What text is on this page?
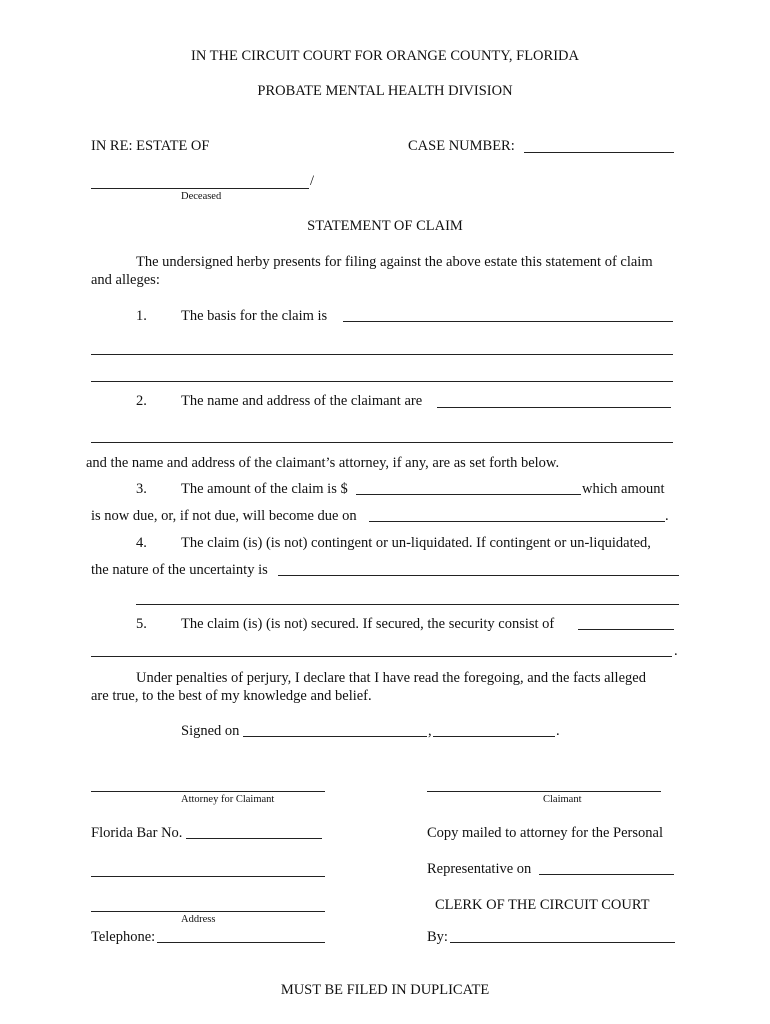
IN THE CIRCUIT COURT FOR ORANGE COUNTY, FLORIDA
PROBATE MENTAL HEALTH DIVISION
IN RE: ESTATE OF	CASE NUMBER:
/
Deceased
STATEMENT OF CLAIM
The undersigned herby presents for filing against the above estate this statement of claim
and alleges:
1. The basis for the claim is
2. The name and address of the claimant are
and the name and address of the claimant’s attorney, if any, are as set forth below.
3. The amount of the claim is $	which amount
is now due, or, if not due, will become due on	.
4. The claim (is) (is not) contingent or un-liquidated. If contingent or un-liquidated,
the nature of the uncertainty is
5. The claim (is) (is not) secured. If secured, the security consist of
.
Under penalties of perjury, I declare that I have read the foregoing, and the facts alleged
are true, to the best of my knowledge and belief.
Signed on	,	.
Attorney for Claimant	Claimant
Florida Bar No.	Copy mailed to attorney for the Personal
Representative on
CLERK OF THE CIRCUIT COURT
Address
Telephone:	By:
MUST BE FILED IN DUPLICATE
